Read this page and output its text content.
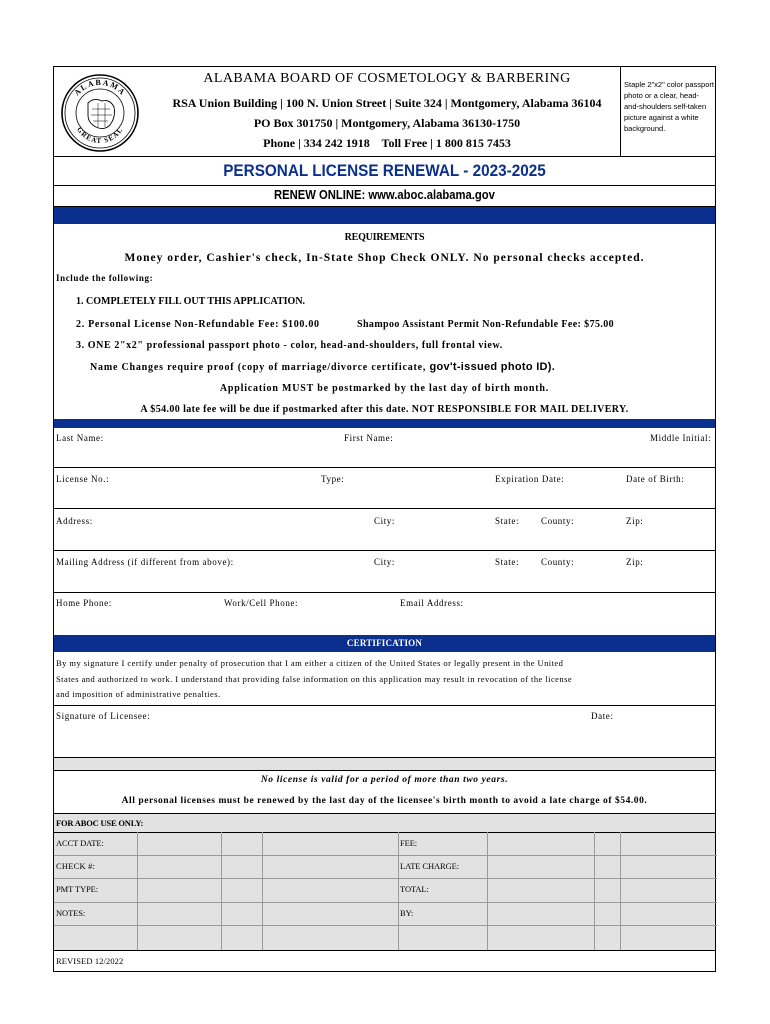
ALABAMA
GREAT SEAL
ALABAMA BOARD OF COSMETOLOGY & BARBERING
RSA Union Building | 100 N. Union Street | Suite 324 | Montgomery, Alabama 36104
PO Box 301750 | Montgomery, Alabama 36130-1750
Phone | 334 242 1918    Toll Free | 1 800 815 7453
Staple 2"x2" color passport photo or a clear, head-and-shoulders self-taken picture against a white background.
PERSONAL LICENSE RENEWAL - 2023-2025
RENEW ONLINE: www.aboc.alabama.gov
REQUIREMENTS
Money order, Cashier's check, In-State Shop Check ONLY. No personal checks accepted.
Include the following:
1. COMPLETELY FILL OUT THIS APPLICATION.
2. Personal License Non-Refundable Fee: $100.00	Shampoo Assistant Permit Non-Refundable Fee: $75.00
3. ONE 2"x2" professional passport photo - color, head-and-shoulders, full frontal view.
Name Changes require proof (copy of marriage/divorce certificate, gov't-issued photo ID).
Application MUST be postmarked by the last day of birth month.
A $54.00 late fee will be due if postmarked after this date. NOT RESPONSIBLE FOR MAIL DELIVERY.
Last Name:	First Name:	Middle Initial:
License No.:	Type:	Expiration Date:	Date of Birth:
Address:	City:	State: County:	Zip:
Mailing Address (if different from above):	City:	State: County:	Zip:
Home Phone:	Work/Cell Phone:	Email Address:
CERTIFICATION
By my signature I certify under penalty of prosecution that I am either a citizen of the United States or legally present in the United
States and authorized to work. I understand that providing false information on this application may result in revocation of the license
and imposition of administrative penalties.
Signature of Licensee:	Date:
No license is valid for a period of more than two years.
All personal licenses must be renewed by the last day of the licensee's birth month to avoid a late charge of $54.00.
FOR ABOC USE ONLY:
ACCT DATE:	FEE:
CHECK #:	LATE CHARGE:
PMT TYPE:	TOTAL:
NOTES:	BY:
REVISED 12/2022
